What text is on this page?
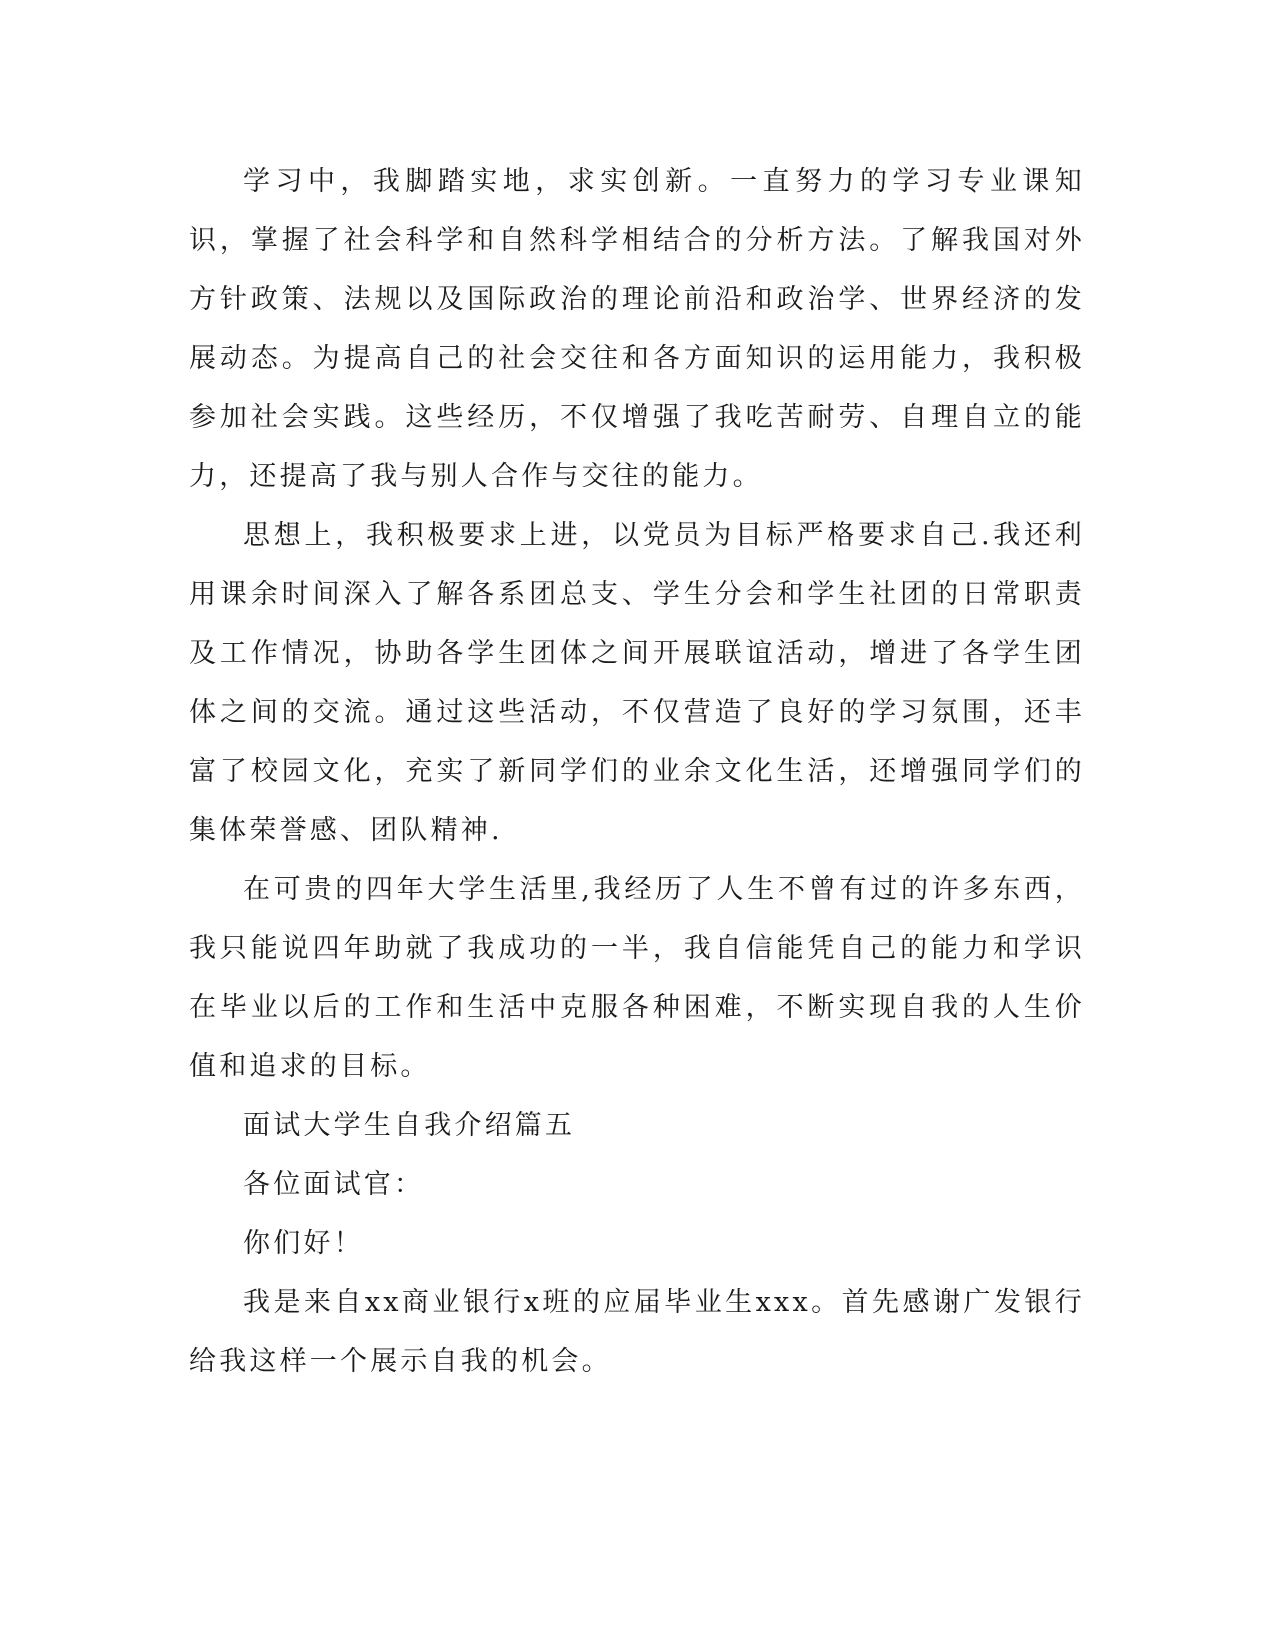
学习中，我脚踏实地，求实创新。一直努力的学习专业课知识，掌握了社会科学和自然科学相结合的分析方法。了解我国对外方针政策、法规以及国际政治的理论前沿和政治学、世界经济的发展动态。为提高自己的社会交往和各方面知识的运用能力，我积极参加社会实践。这些经历，不仅增强了我吃苦耐劳、自理自立的能力，还提高了我与别人合作与交往的能力。

思想上，我积极要求上进，以党员为目标严格要求自己.我还利用课余时间深入了解各系团总支、学生分会和学生社团的日常职责及工作情况，协助各学生团体之间开展联谊活动，增进了各学生团体之间的交流。通过这些活动，不仅营造了良好的学习氛围，还丰富了校园文化，充实了新同学们的业余文化生活，还增强同学们的集体荣誉感、团队精神.

在可贵的四年大学生活里,我经历了人生不曾有过的许多东西，我只能说四年助就了我成功的一半，我自信能凭自己的能力和学识在毕业以后的工作和生活中克服各种困难，不断实现自我的人生价值和追求的目标。

面试大学生自我介绍篇五

各位面试官：

你们好！

我是来自xx商业银行x班的应届毕业生xxx。首先感谢广发银行给我这样一个展示自我的机会。
